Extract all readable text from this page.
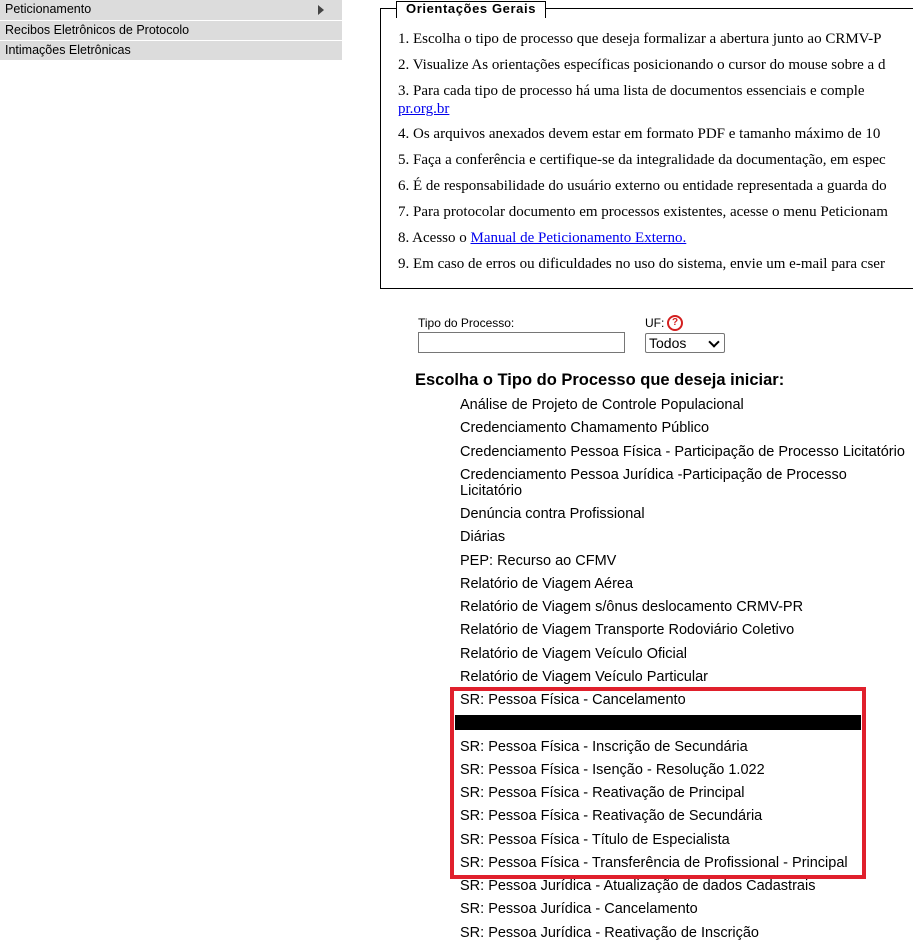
Peticionamento
Recibos Eletrônicos de Protocolo
Intimações Eletrônicas
Orientações Gerais

1. Escolha o tipo de processo que deseja formalizar a abertura junto ao CRMV-P

2. Visualize As orientações específicas posicionando o cursor do mouse sobre a d

3. Para cada tipo de processo há uma lista de documentos essenciais e comple

pr.org.br

4. Os arquivos anexados devem estar em formato PDF e tamanho máximo de 10

5. Faça a conferência e certifique-se da integralidade da documentação, em espec

6. É de responsabilidade do usuário externo ou entidade representada a guarda do

7. Para protocolar documento em processos existentes, acesse o menu Peticionam

8. Acesso o Manual de Peticionamento Externo.

9. Em caso de erros ou dificuldades no uso do sistema, envie um e-mail para cser

Tipo do Processo:	UF: ?
Todos
Escolha o Tipo do Processo que deseja iniciar:
Análise de Projeto de Controle Populacional
Credenciamento Chamamento Público
Credenciamento Pessoa Física - Participação de Processo Licitatório
Credenciamento Pessoa Jurídica -Participação de Processo Licitatório
Denúncia contra Profissional
Diárias
PEP: Recurso ao CFMV
Relatório de Viagem Aérea
Relatório de Viagem s/ônus deslocamento CRMV-PR
Relatório de Viagem Transporte Rodoviário Coletivo
Relatório de Viagem Veículo Oficial
Relatório de Viagem Veículo Particular
SR: Pessoa Física - Cancelamento
SR: Pessoa Física - Inscrição de Secundária
SR: Pessoa Física - Isenção - Resolução 1.022
SR: Pessoa Física - Reativação de Principal
SR: Pessoa Física - Reativação de Secundária
SR: Pessoa Física - Título de Especialista
SR: Pessoa Física - Transferência de Profissional - Principal
SR: Pessoa Jurídica - Atualização de dados Cadastrais
SR: Pessoa Jurídica - Cancelamento
SR: Pessoa Jurídica - Reativação de Inscrição
